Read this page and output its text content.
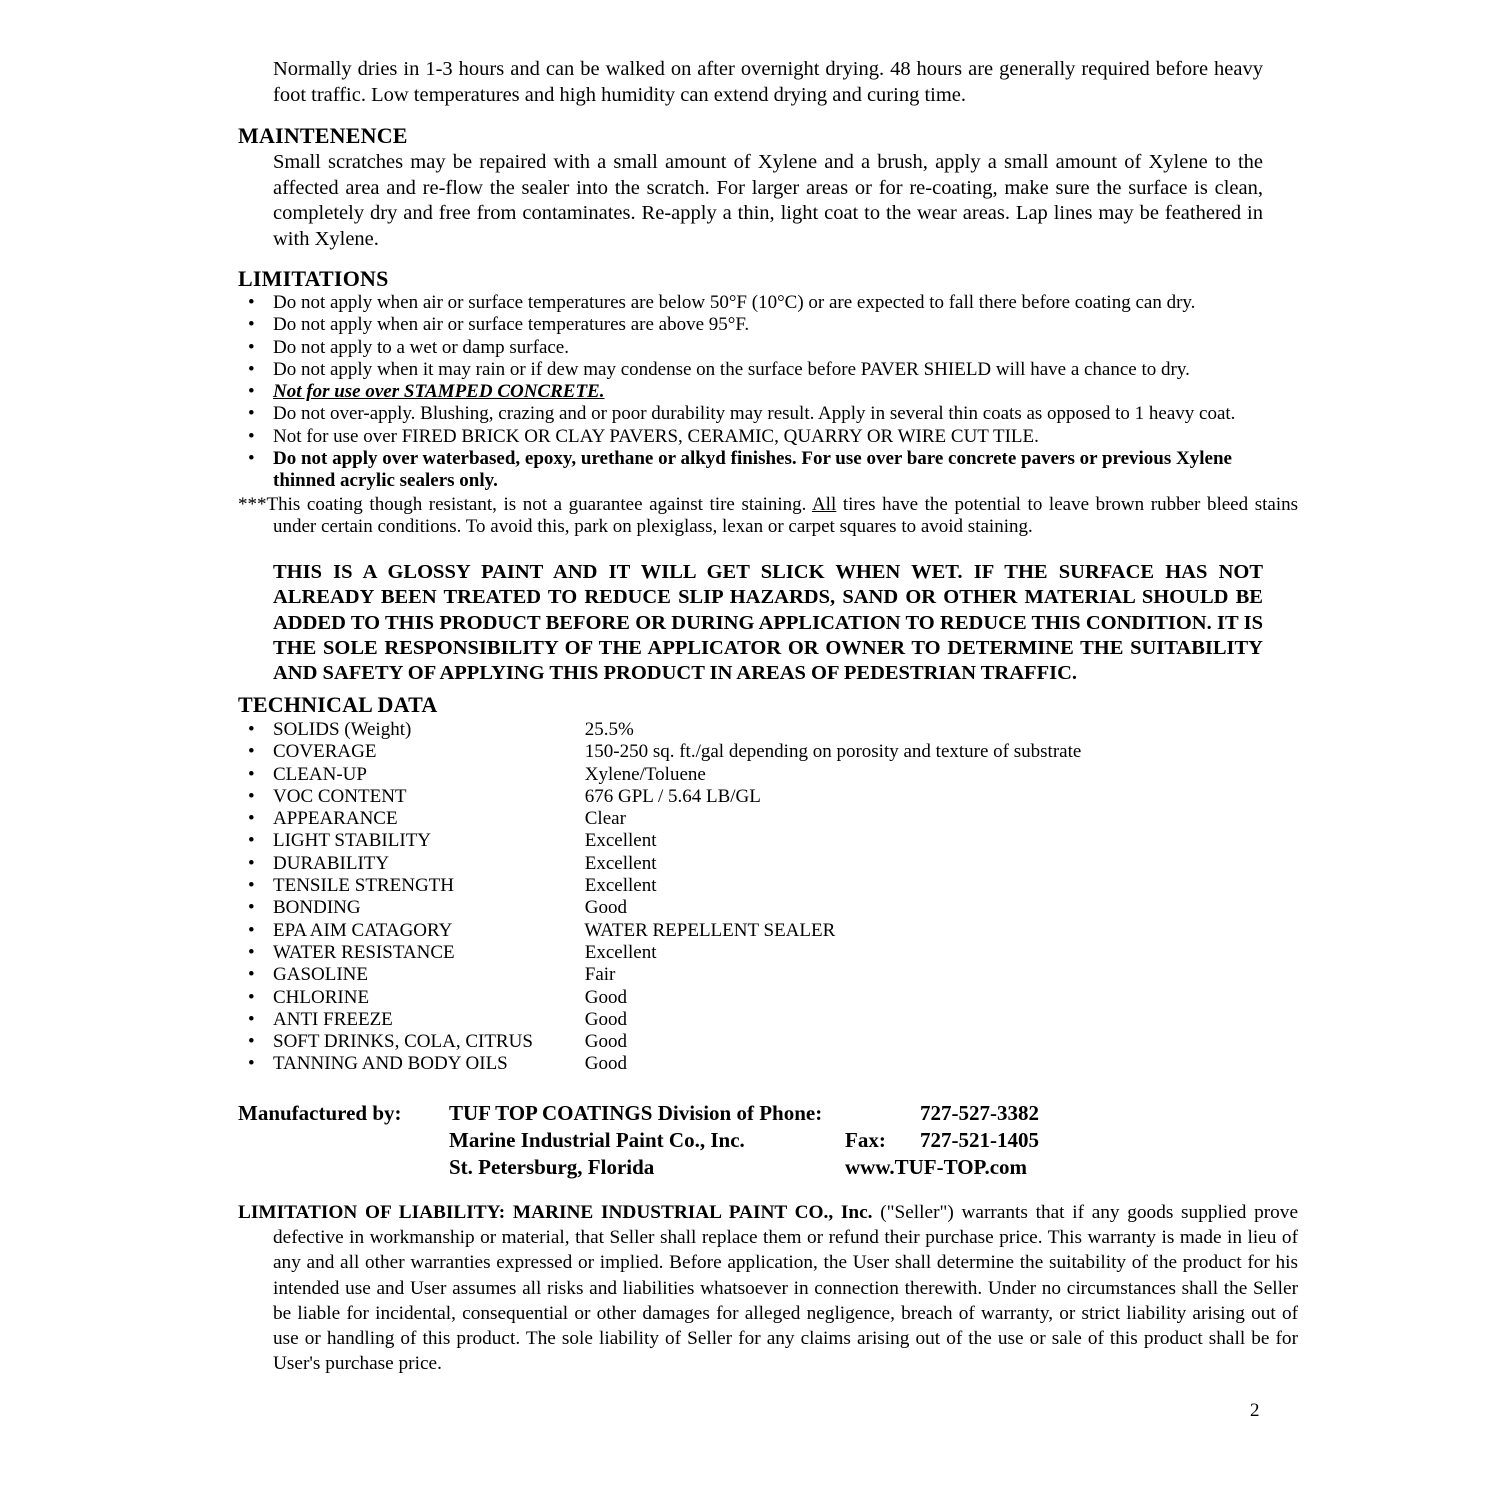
Normally dries in 1-3 hours and can be walked on after overnight drying. 48 hours are generally required before heavy foot traffic. Low temperatures and high humidity can extend drying and curing time.
MAINTENENCE
Small scratches may be repaired with a small amount of Xylene and a brush, apply a small amount of Xylene to the affected area and re-flow the sealer into the scratch. For larger areas or for re-coating, make sure the surface is clean, completely dry and free from contaminates. Re-apply a thin, light coat to the wear areas. Lap lines may be feathered in with Xylene.
LIMITATIONS
• Do not apply when air or surface temperatures are below 50°F (10°C) or are expected to fall there before coating can dry.
• Do not apply when air or surface temperatures are above 95°F.
• Do not apply to a wet or damp surface.
• Do not apply when it may rain or if dew may condense on the surface before PAVER SHIELD will have a chance to dry.
• Not for use over STAMPED CONCRETE.
• Do not over-apply. Blushing, crazing and or poor durability may result. Apply in several thin coats as opposed to 1 heavy coat.
• Not for use over FIRED BRICK OR CLAY PAVERS, CERAMIC, QUARRY OR WIRE CUT TILE.
• Do not apply over waterbased, epoxy, urethane or alkyd finishes. For use over bare concrete pavers or previous Xylene thinned acrylic sealers only.
***This coating though resistant, is not a guarantee against tire staining. All tires have the potential to leave brown rubber bleed stains under certain conditions. To avoid this, park on plexiglass, lexan or carpet squares to avoid staining.
THIS IS A GLOSSY PAINT AND IT WILL GET SLICK WHEN WET. IF THE SURFACE HAS NOT ALREADY BEEN TREATED TO REDUCE SLIP HAZARDS, SAND OR OTHER MATERIAL SHOULD BE ADDED TO THIS PRODUCT BEFORE OR DURING APPLICATION TO REDUCE THIS CONDITION. IT IS THE SOLE RESPONSIBILITY OF THE APPLICATOR OR OWNER TO DETERMINE THE SUITABILITY AND SAFETY OF APPLYING THIS PRODUCT IN AREAS OF PEDESTRIAN TRAFFIC.
TECHNICAL DATA
• SOLIDS (Weight)	25.5%
• COVERAGE	150-250 sq. ft./gal depending on porosity and texture of substrate
• CLEAN-UP	Xylene/Toluene
• VOC CONTENT	676 GPL / 5.64 LB/GL
• APPEARANCE	Clear
• LIGHT STABILITY	Excellent
• DURABILITY	Excellent
• TENSILE STRENGTH	Excellent
• BONDING	Good
• EPA AIM CATAGORY	WATER REPELLENT SEALER
• WATER RESISTANCE	Excellent
• GASOLINE	Fair
• CHLORINE	Good
• ANTI FREEZE	Good
• SOFT DRINKS, COLA, CITRUS	Good
• TANNING AND BODY OILS	Good
Manufactured by: TUF TOP COATINGS Division of Phone:	727-527-3382
Marine Industrial Paint Co., Inc.	Fax: 727-521-1405
St. Petersburg, Florida	www.TUF-TOP.com
LIMITATION OF LIABILITY: MARINE INDUSTRIAL PAINT CO., Inc. ("Seller") warrants that if any goods supplied prove defective in workmanship or material, that Seller shall replace them or refund their purchase price. This warranty is made in lieu of any and all other warranties expressed or implied. Before application, the User shall determine the suitability of the product for his intended use and User assumes all risks and liabilities whatsoever in connection therewith. Under no circumstances shall the Seller be liable for incidental, consequential or other damages for alleged negligence, breach of warranty, or strict liability arising out of use or handling of this product. The sole liability of Seller for any claims arising out of the use or sale of this product shall be for User's purchase price.
2
